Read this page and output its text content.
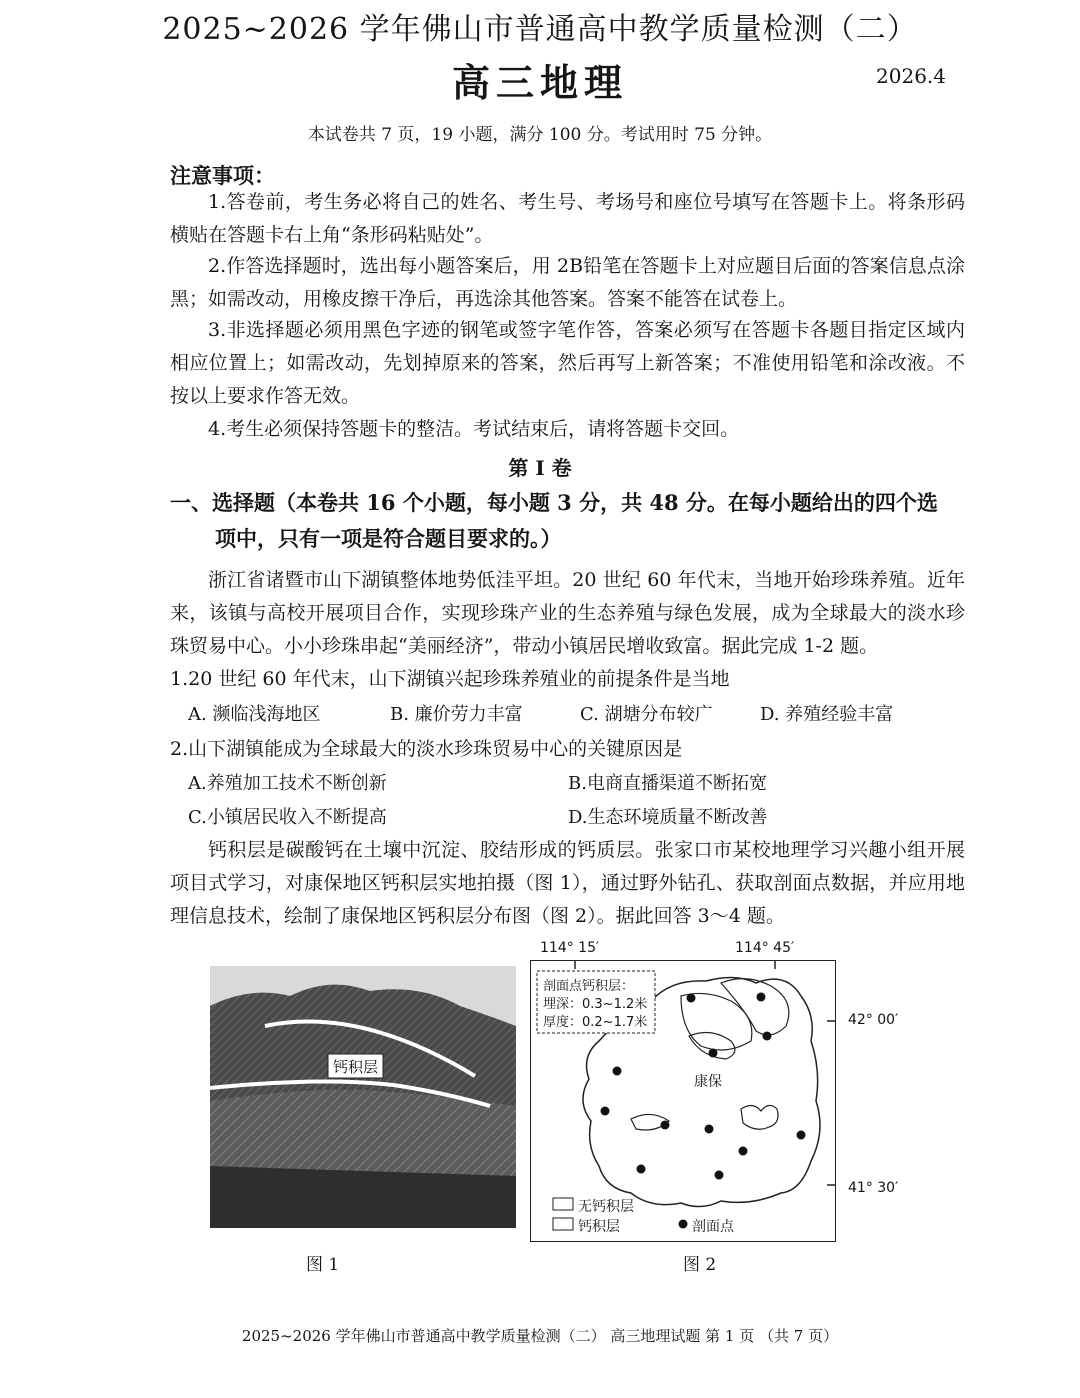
2025~2026 学年佛山市普通高中教学质量检测（二）
高三地理	2026.4
本试卷共 7 页，19 小题，满分 100 分。考试用时 75 分钟。
注意事项：
1.答卷前，考生务必将自己的姓名、考生号、考场号和座位号填写在答题卡上。将条形码横贴在答题卡右上角“条形码粘贴处”。
2.作答选择题时，选出每小题答案后，用 2B铅笔在答题卡上对应题目后面的答案信息点涂黑；如需改动，用橡皮擦干净后，再选涂其他答案。答案不能答在试卷上。
3.非选择题必须用黑色字迹的钢笔或签字笔作答，答案必须写在答题卡各题目指定区域内相应位置上；如需改动，先划掉原来的答案，然后再写上新答案；不准使用铅笔和涂改液。不按以上要求作答无效。
4.考生必须保持答题卡的整洁。考试结束后，请将答题卡交回。
第 I 卷
一、选择题（本卷共 16 个小题，每小题 3 分，共 48 分。在每小题给出的四个选
项中，只有一项是符合题目要求的。）
浙江省诸暨市山下湖镇整体地势低洼平坦。20 世纪 60 年代末，当地开始珍珠养殖。近年来，该镇与高校开展项目合作，实现珍珠产业的生态养殖与绿色发展，成为全球最大的淡水珍珠贸易中心。小小珍珠串起“美丽经济”，带动小镇居民增收致富。据此完成 1-2 题。
1.20 世纪 60 年代末，山下湖镇兴起珍珠养殖业的前提条件是当地
A. 濒临浅海地区	B. 廉价劳力丰富	C. 湖塘分布较广	D. 养殖经验丰富
2.山下湖镇能成为全球最大的淡水珍珠贸易中心的关键原因是
A.养殖加工技术不断创新	B.电商直播渠道不断拓宽
C.小镇居民收入不断提高	D.生态环境质量不断改善
钙积层是碳酸钙在土壤中沉淀、胶结形成的钙质层。张家口市某校地理学习兴趣小组开展项目式学习，对康保地区钙积层实地拍摄（图 1），通过野外钻孔、获取剖面点数据，并应用地理信息技术，绘制了康保地区钙积层分布图（图 2）。据此回答 3～4 题。
钙积层
图 1
114° 15′	114° 45′
42° 00′
41° 30′
剖面点钙积层：
埋深：0.3~1.2米
厚度：0.2~1.7米
康保
无钙积层
钙积层	剖面点
图 2
2025~2026 学年佛山市普通高中教学质量检测（二） 高三地理试题 第 1 页 （共 7 页）
